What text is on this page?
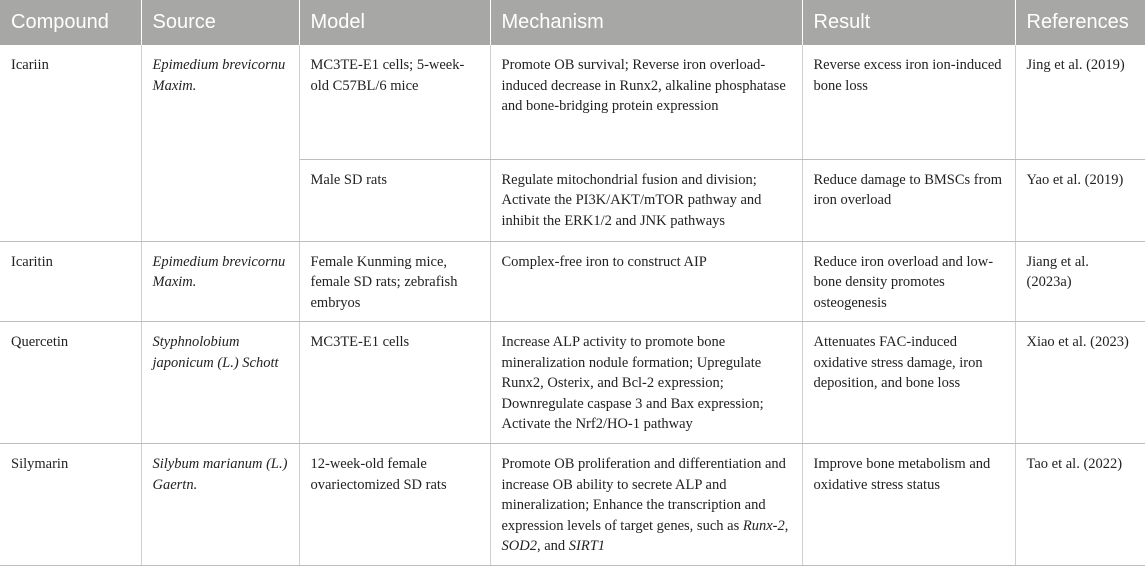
Compound	Source	Model	Mechanism	Result	References
Icariin	Epimedium brevicornu Maxim.	MC3TE-E1 cells; 5-week-old C57BL/6 mice	Promote OB survival; Reverse iron overload-induced decrease in Runx2, alkaline phosphatase and bone-bridging protein expression	Reverse excess iron ion-induced bone loss	Jing et al. (2019)
		Male SD rats	Regulate mitochondrial fusion and division; Activate the PI3K/AKT/mTOR pathway and inhibit the ERK1/2 and JNK pathways	Reduce damage to BMSCs from iron overload	Yao et al. (2019)
Icaritin	Epimedium brevicornu Maxim.	Female Kunming mice, female SD rats; zebrafish embryos	Complex-free iron to construct AIP	Reduce iron overload and low-bone density promotes osteogenesis	Jiang et al. (2023a)
Quercetin	Styphnolobium japonicum (L.) Schott	MC3TE-E1 cells	Increase ALP activity to promote bone mineralization nodule formation; Upregulate Runx2, Osterix, and Bcl-2 expression; Downregulate caspase 3 and Bax expression; Activate the Nrf2/HO-1 pathway	Attenuates FAC-induced oxidative stress damage, iron deposition, and bone loss	Xiao et al. (2023)
Silymarin	Silybum marianum (L.) Gaertn.	12-week-old female ovariectomized SD rats	Promote OB proliferation and differentiation and increase OB ability to secrete ALP and mineralization; Enhance the transcription and expression levels of target genes, such as Runx-2, SOD2, and SIRT1	Improve bone metabolism and oxidative stress status	Tao et al. (2022)
